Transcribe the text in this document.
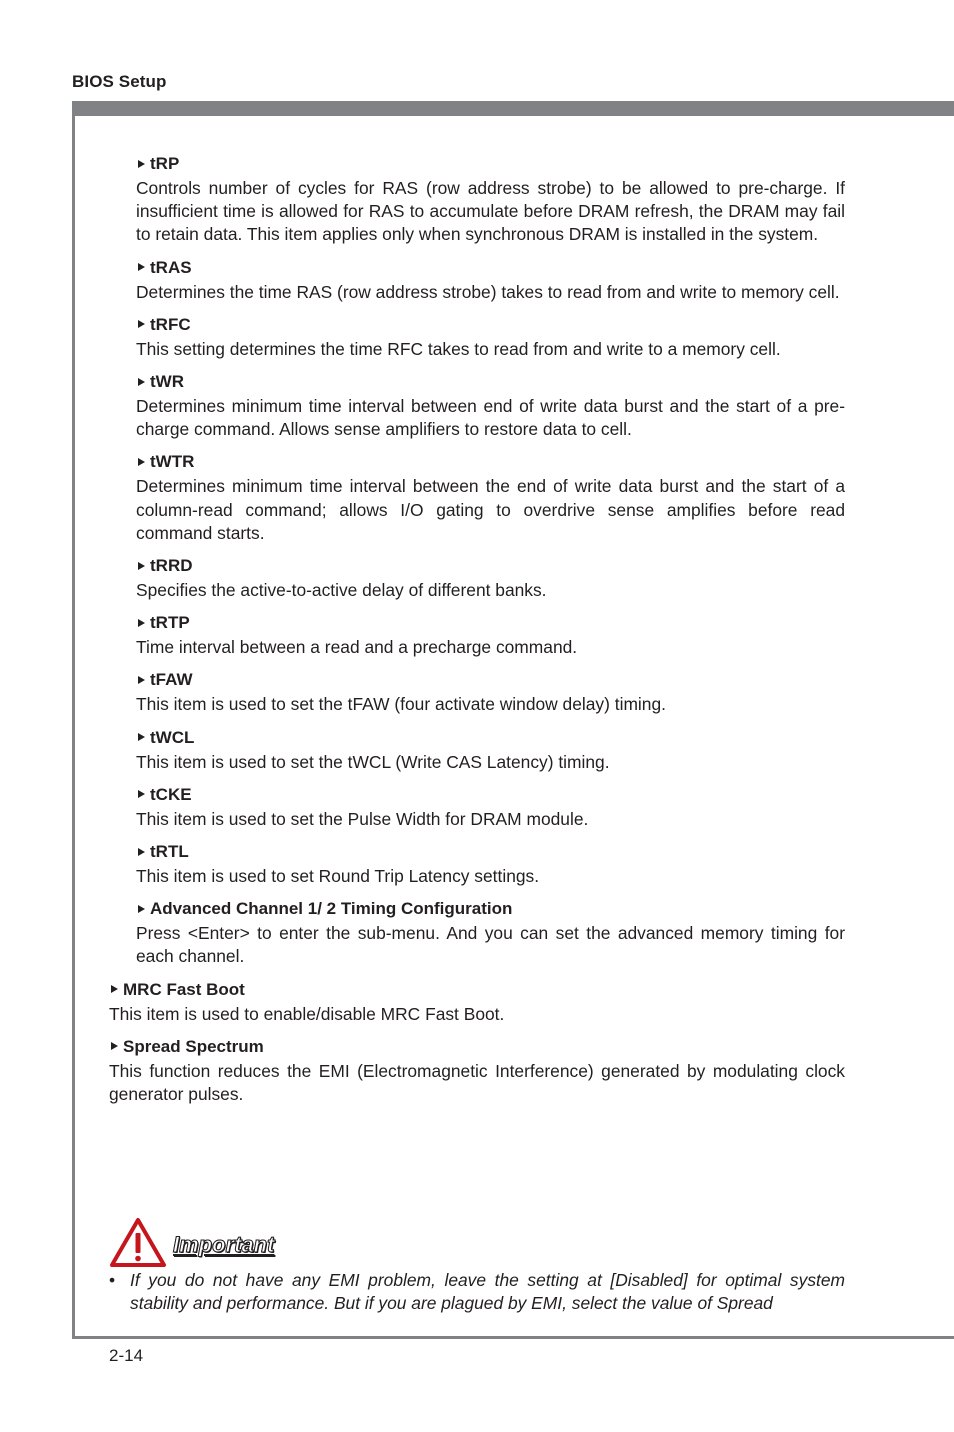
BIOS Setup
tRP
Controls number of cycles for RAS (row address strobe) to be allowed to pre-charge. If insufficient time is allowed for RAS to accumulate before DRAM refresh, the DRAM may fail to retain data. This item applies only when synchronous DRAM is installed in the system.
tRAS
Determines the time RAS (row address strobe) takes to read from and write to memory cell.
tRFC
This setting determines the time RFC takes to read from and write to a memory cell.
tWR
Determines minimum time interval between end of write data burst and the start of a pre-charge command. Allows sense amplifiers to restore data to cell.
tWTR
Determines minimum time interval between the end of write data burst and the start of a column-read command; allows I/O gating to overdrive sense amplifies before read command starts.
tRRD
Specifies the active-to-active delay of different banks.
tRTP
Time interval between a read and a precharge command.
tFAW
This item is used to set the tFAW (four activate window delay) timing.
tWCL
This item is used to set the tWCL (Write CAS Latency) timing.
tCKE
This item is used to set the Pulse Width for DRAM module.
tRTL
This item is used to set Round Trip Latency settings.
Advanced Channel 1/ 2 Timing Configuration
Press <Enter> to enter the sub-menu. And you can set the advanced memory timing for each channel.
MRC Fast Boot
This item is used to enable/disable MRC Fast Boot.
Spread Spectrum
This function reduces the EMI (Electromagnetic Interference) generated by modulating clock generator pulses.
Important
• If you do not have any EMI problem, leave the setting at [Disabled] for optimal system stability and performance. But if you are plagued by EMI, select the value of Spread
2-14
